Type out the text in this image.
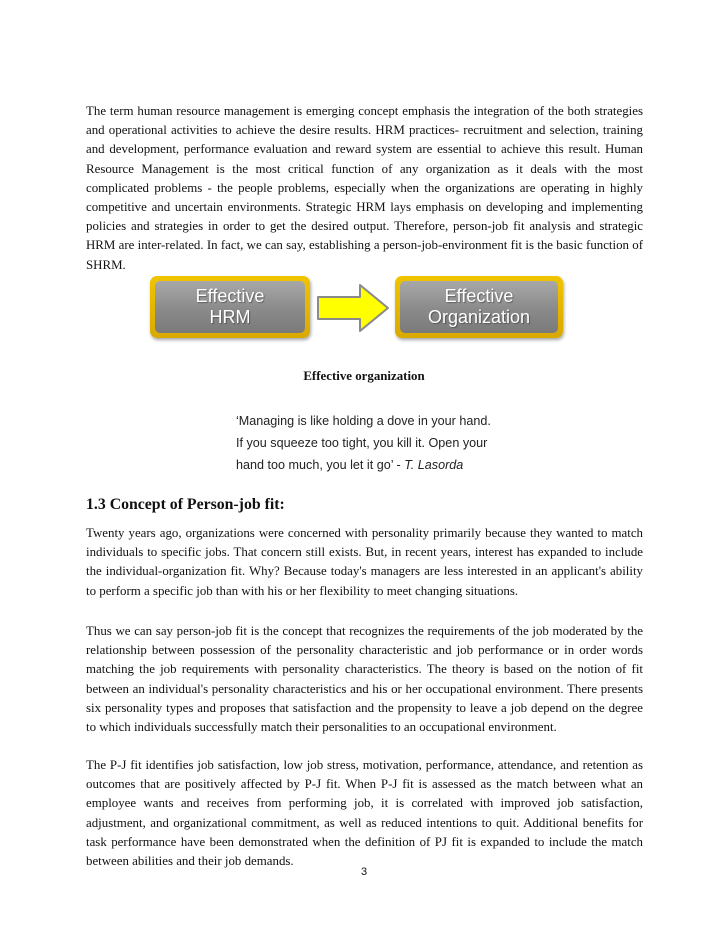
The term human resource management is emerging concept emphasis the integration of the both strategies and operational activities to achieve the desire results. HRM practices- recruitment and selection, training and development, performance evaluation and reward system are essential to achieve this result. Human Resource Management is the most critical function of any organization as it deals with the most complicated problems - the people problems, especially when the organizations are operating in highly competitive and uncertain environments. Strategic HRM lays emphasis on developing and implementing policies and strategies in order to get the desired output. Therefore, person-job fit analysis and strategic HRM are inter-related. In fact, we can say, establishing a person-job-environment fit is the basic function of SHRM.

Effective
HRM
Effective
Organization
Effective organization
‘Managing is like holding a dove in your hand.
If you squeeze too tight, you kill it. Open your
hand too much, you let it go’ - T. Lasorda
1.3 Concept of Person-job fit:

Twenty years ago, organizations were concerned with personality primarily because they wanted to match individuals to specific jobs. That concern still exists. But, in recent years, interest has expanded to include the individual-organization fit. Why? Because today's managers are less interested in an applicant's ability to perform a specific job than with his or her flexibility to meet changing situations.

Thus we can say person-job fit is the concept that recognizes the requirements of the job moderated by the relationship between possession of the personality characteristic and job performance or in order words matching the job requirements with personality characteristics. The theory is based on the notion of fit between an individual's personality characteristics and his or her occupational environment. There presents six personality types and proposes that satisfaction and the propensity to leave a job depend on the degree to which individuals successfully match their personalities to an occupational environment.

The P-J fit identifies job satisfaction, low job stress, motivation, performance, attendance, and retention as outcomes that are positively affected by P-J fit. When P-J fit is assessed as the match between what an employee wants and receives from performing job, it is correlated with improved job satisfaction, adjustment, and organizational commitment, as well as reduced intentions to quit. Additional benefits for task performance have been demonstrated when the definition of PJ fit is expanded to include the match between abilities and their job demands.

3
